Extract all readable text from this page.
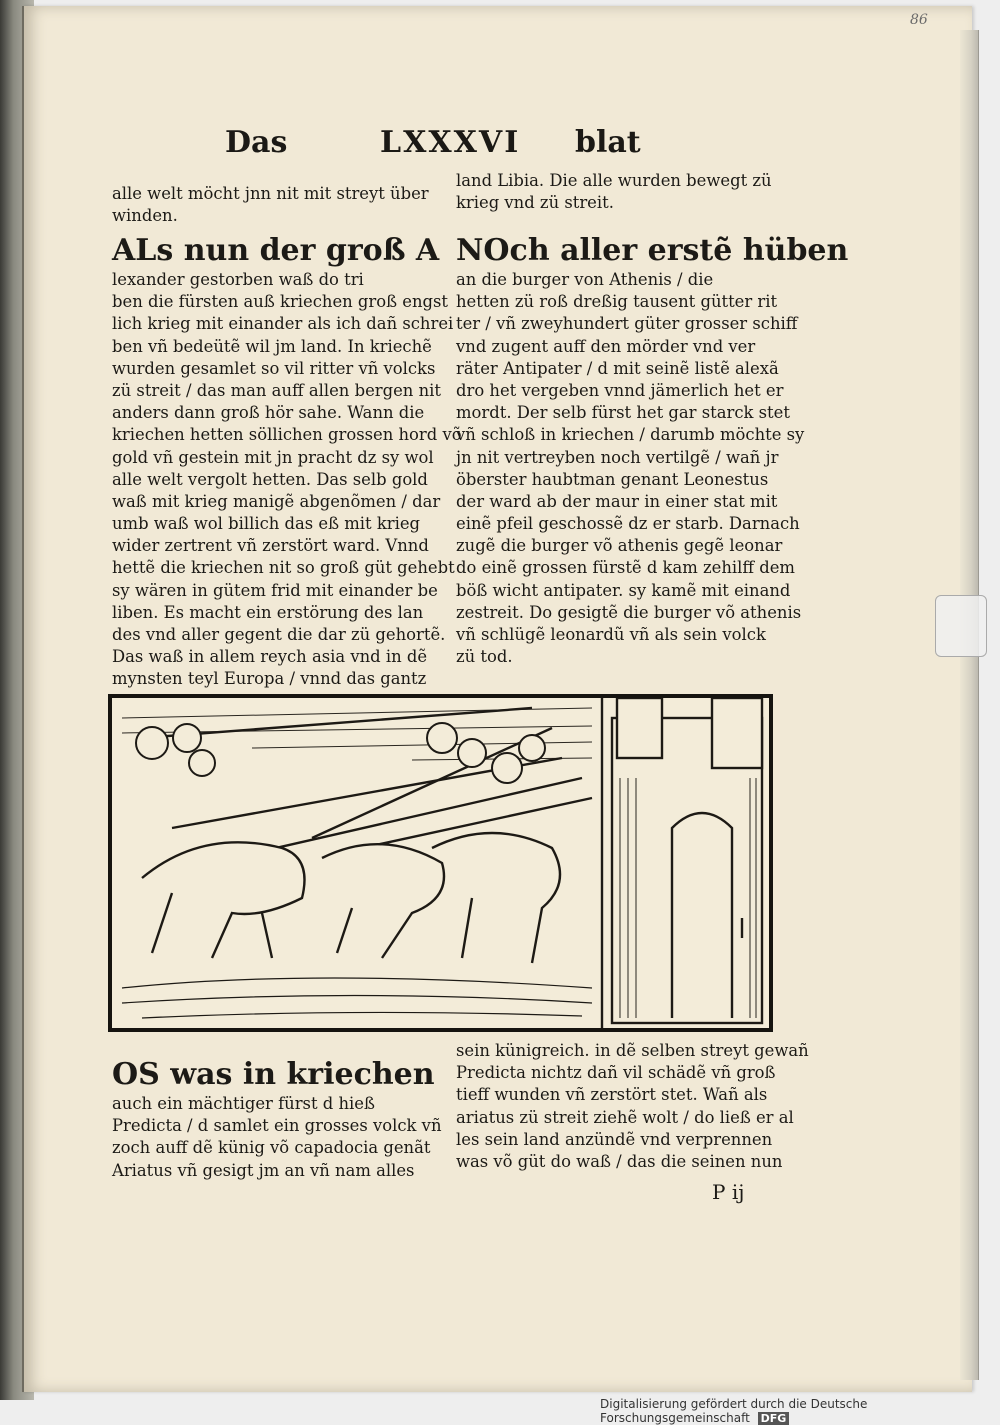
86
Das	LXXXVI blat
alle welt möcht jnn nit mit streyt über
winden.
land Libia. Die alle wurden bewegt zü
krieg vnd zü streit.
ALs nun der groß A
lexander gestorben waß do tri
ben die fürsten auß kriechen groß engst
lich krieg mit einander als ich dañ schrei
ben vñ bedeütẽ wil jm land. In kriechẽ
wurden gesamlet so vil ritter vñ volcks
zü streit / das man auff allen bergen nit
anders dann groß hör sahe. Wann die
kriechen hetten söllichen grossen hord võ
gold vñ gestein mit jn pracht dz sy wol
alle welt vergolt hetten. Das selb gold
waß mit krieg manigẽ abgenõmen / dar
umb waß wol billich das eß mit krieg
wider zertrent vñ zerstört ward. Vnnd
hettẽ die kriechen nit so groß güt gehebt
sy wären in gütem frid mit einander be
liben. Es macht ein erstörung des lan
des vnd aller gegent die dar zü gehortẽ.
Das waß in allem reych asia vnd in dẽ
mynsten teyl Europa / vnnd das gantz
NOch aller erstẽ hüben
an die burger von Athenis / die
hetten zü roß dreßig tausent gütter rit
ter / vñ zweyhundert güter grosser schiff
vnd zugent auff den mörder vnd ver
räter Antipater / d mit seinẽ listẽ alexã
dro het vergeben vnnd jämerlich het er
mordt. Der selb fürst het gar starck stet
vñ schloß in kriechen / darumb möchte sy
jn nit vertreyben noch vertilgẽ / wañ jr
öberster haubtman genant Leonestus
der ward ab der maur in einer stat mit
einẽ pfeil geschossẽ dz er starb. Darnach
zugẽ die burger võ athenis gegẽ leonar
do einẽ grossen fürstẽ d kam zehilff dem
böß wicht antipater. sy kamẽ mit einand
zestreit. Do gesigtẽ die burger võ athenis
vñ schlügẽ leonardũ vñ als sein volck
zü tod.
OS was in kriechen
auch ein mächtiger fürst d hieß
Predicta / d samlet ein grosses volck vñ
zoch auff dẽ künig võ capadocia genãt
Ariatus vñ gesigt jm an vñ nam alles
sein künigreich. in dẽ selben streyt gewañ
Predicta nichtz dañ vil schädẽ vñ groß
tieff wunden vñ zerstört stet. Wañ als
ariatus zü streit ziehẽ wolt / do ließ er al
les sein land anzündẽ vnd verprennen
was võ güt do waß / das die seinen nun
P ij
Digitalisierung gefördert durch die Deutsche Forschungsgemeinschaft DFG
